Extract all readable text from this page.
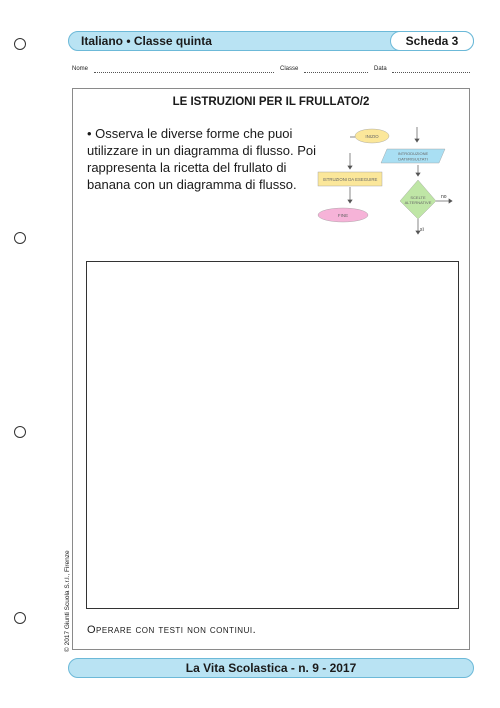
Italiano • Classe quinta	Scheda 3
Nome	Classe	Data
LE ISTRUZIONI PER IL FRULLATO/2
• Osserva le diverse forme che puoi utilizzare in un diagramma di flusso. Poi rappresenta la ricetta del frullato di banana con un diagramma di flusso.
INIZIO
INTRODUZIONE
DATI/RISULTATI
ISTRUZIONI DA ESEGUIRE
SCELTE
ALTERNATIVE
no
sì
FINE
Operare con testi non continui.
© 2017 Giunti Scuola S.r.l., Firenze
La Vita Scolastica - n. 9 - 2017
